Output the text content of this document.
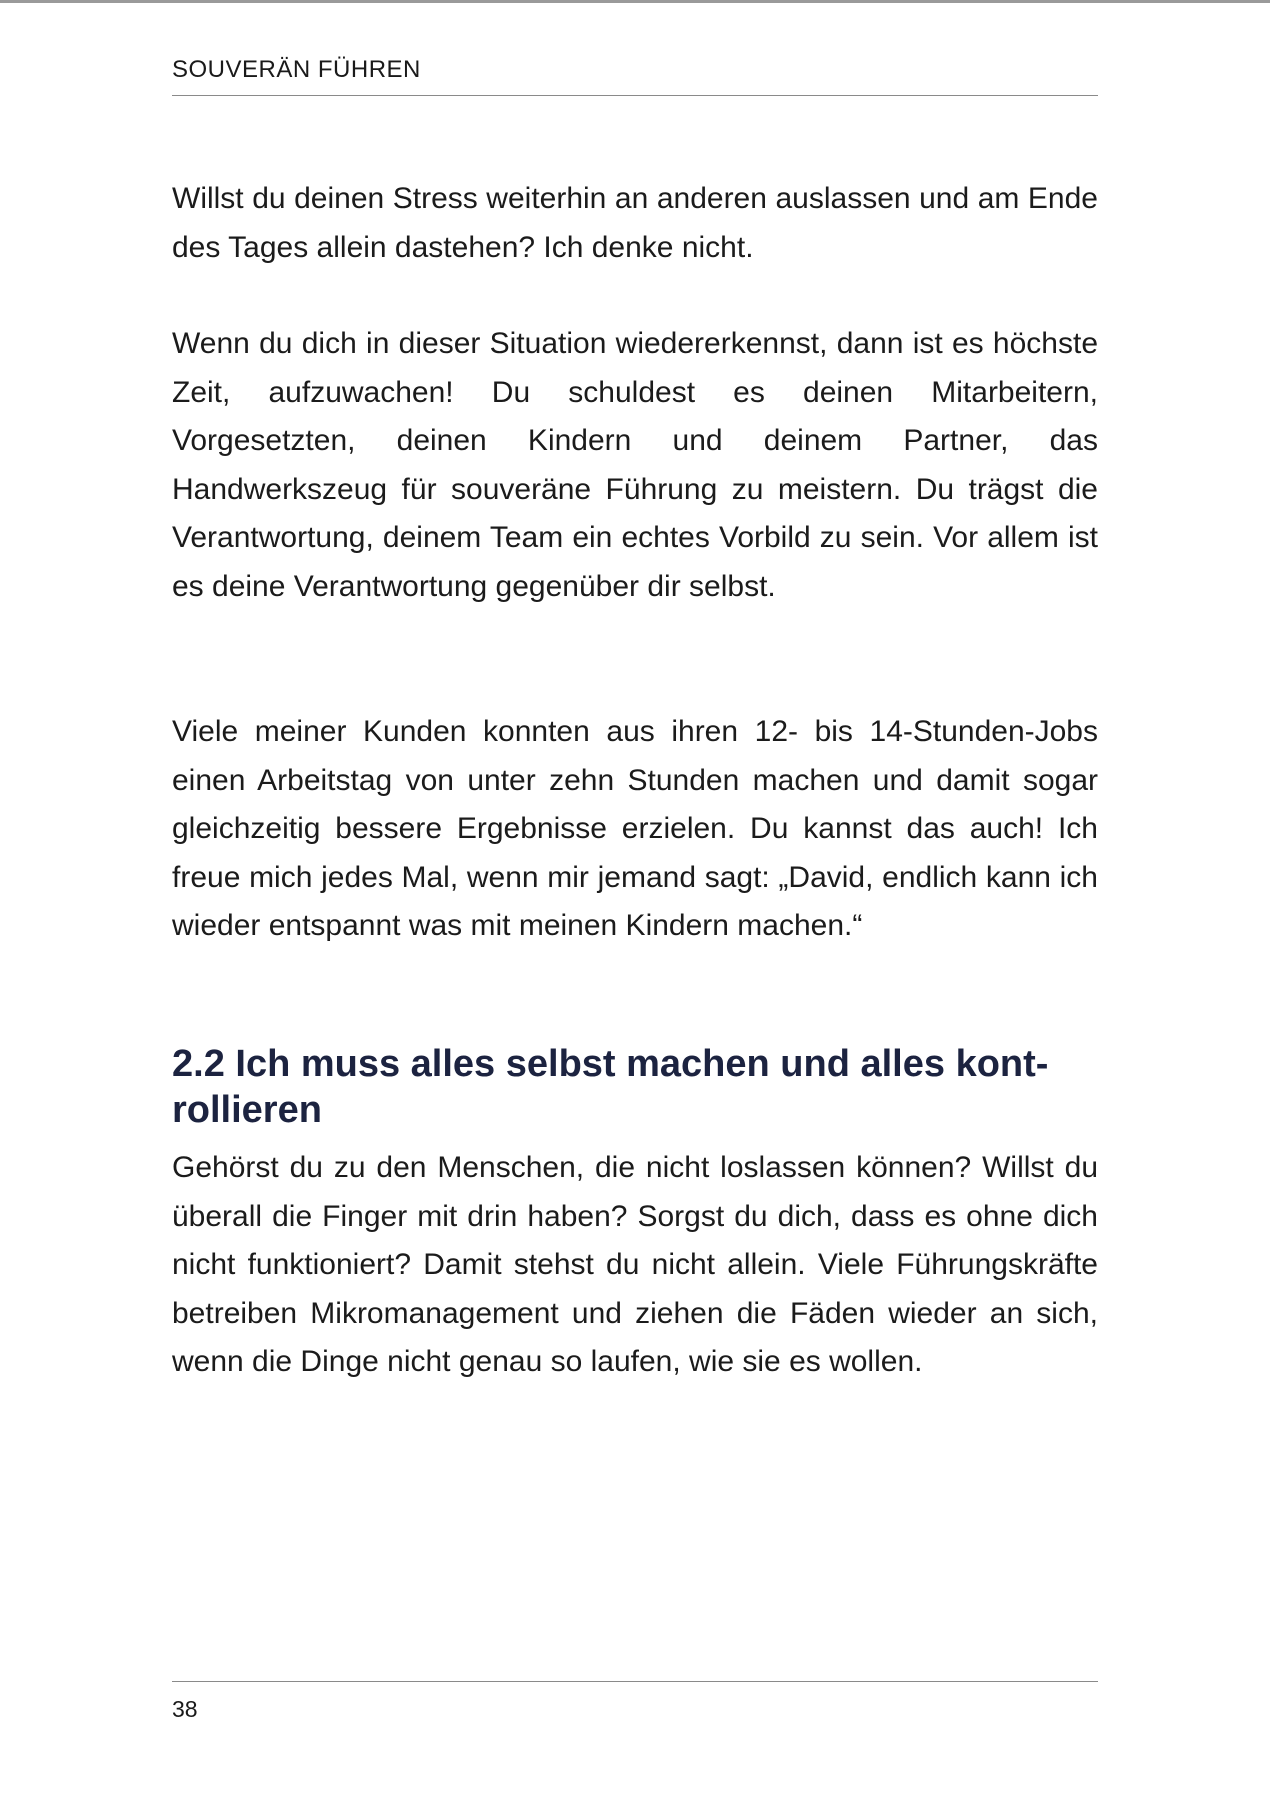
SOUVERÄN FÜHREN

Willst du deinen Stress weiterhin an anderen auslassen und am Ende des Tages allein dastehen? Ich denke nicht.

Wenn du dich in dieser Situation wiedererkennst, dann ist es höchste Zeit, aufzuwachen! Du schuldest es deinen Mitarbeitern, Vorgesetzten, deinen Kindern und deinem Partner, das Handwerkszeug für souveräne Führung zu meistern. Du trägst die Verantwortung, deinem Team ein echtes Vorbild zu sein. Vor allem ist es deine Verantwortung gegenüber dir selbst.

Viele meiner Kunden konnten aus ihren 12- bis 14-Stunden-Jobs einen Arbeitstag von unter zehn Stunden machen und damit sogar gleichzeitig bessere Ergebnisse erzielen. Du kannst das auch! Ich freue mich jedes Mal, wenn mir jemand sagt: „David, endlich kann ich wieder entspannt was mit meinen Kindern machen.“

2.2 Ich muss alles selbst machen und alles kontrollieren

Gehörst du zu den Menschen, die nicht loslassen können? Willst du überall die Finger mit drin haben? Sorgst du dich, dass es ohne dich nicht funktioniert? Damit stehst du nicht allein. Viele Führungskräfte betreiben Mikromanagement und ziehen die Fäden wieder an sich, wenn die Dinge nicht genau so laufen, wie sie es wollen.

38
